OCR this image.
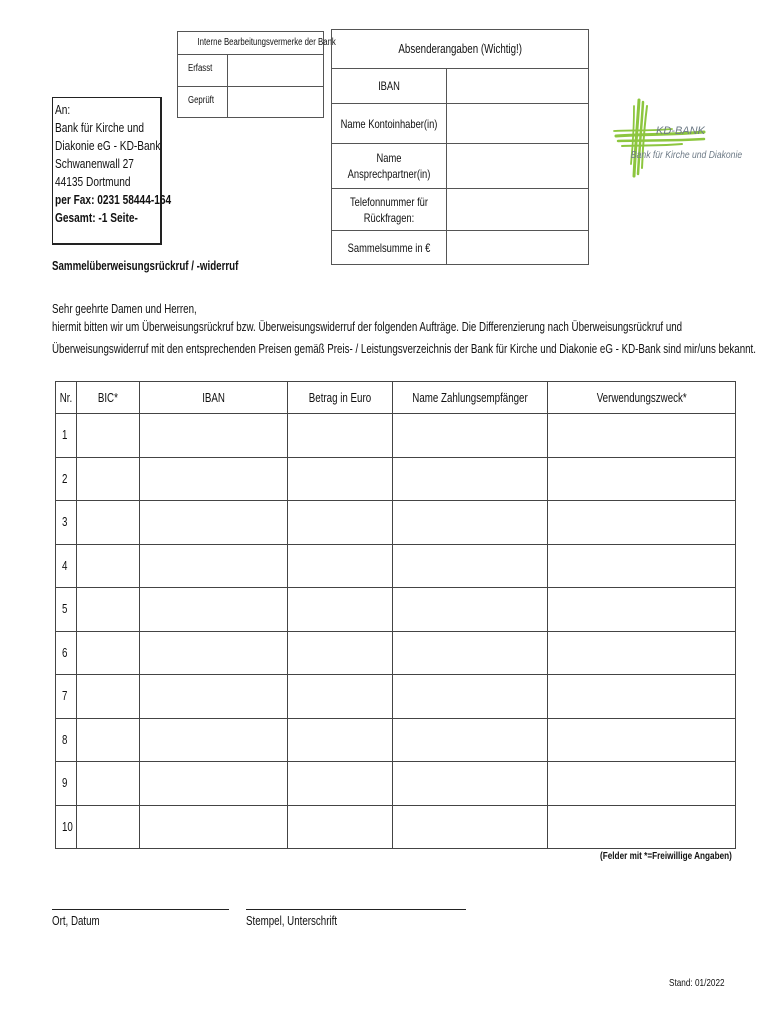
Interne Bearbeitungsvermerke der Bank
Erfasst
Geprüft
An:
Bank für Kirche und
Diakonie eG - KD-Bank
Schwanenwall 27
44135 Dortmund
per Fax: 0231 58444-164
Gesamt: -1 Seite-
Absenderangaben (Wichtig!)
IBAN
Name Kontoinhaber(in)
Name Ansprechpartner(in)
Telefonnummer für Rückfragen:
Sammelsumme in €
KD-BANK
Bank für Kirche und Diakonie
Sammelüberweisungsrückruf / -widerruf
Sehr geehrte Damen und Herren,
hiermit bitten wir um Überweisungsrückruf bzw. Überweisungswiderruf der folgenden Aufträge. Die Differenzierung nach Überweisungsrückruf und
Überweisungswiderruf mit den entsprechenden Preisen gemäß Preis- / Leistungsverzeichnis der Bank für Kirche und Diakonie eG - KD-Bank sind mir/uns bekannt.
Nr.	BIC*	IBAN	Betrag in Euro	Name Zahlungsempfänger	Verwendungszweck*
1					
2					
3					
4					
5					
6					
7					
8					
9					
10					
(Felder mit *=Freiwillige Angaben)
Ort, Datum	Stempel, Unterschrift
Stand: 01/2022
